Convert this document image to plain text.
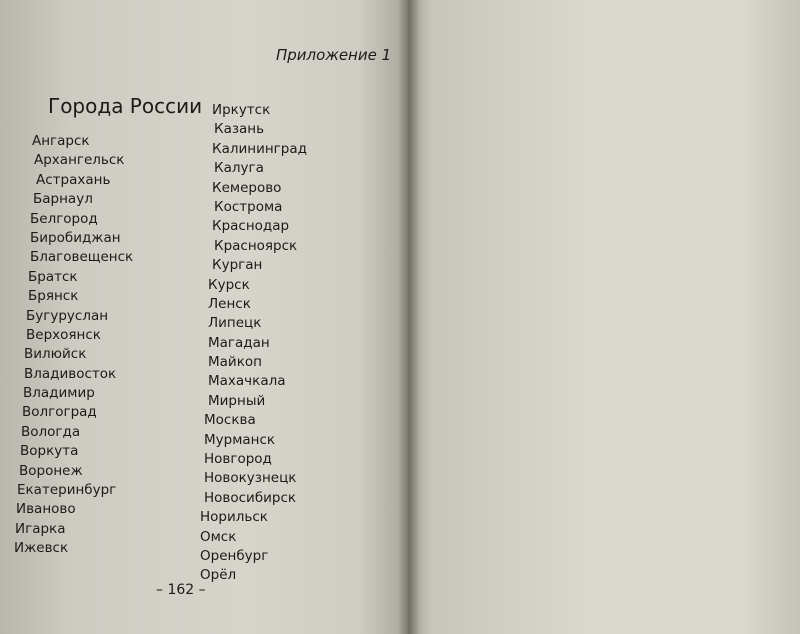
Приложение 1
Города России
Ангарск
Архангельск
Астрахань
Барнаул
Белгород
Биробиджан
Благовещенск
Братск
Брянск
Бугуруслан
Верхоянск
Вилюйск
Владивосток
Владимир
Волгоград
Вологда
Воркута
Воронеж
Екатеринбург
Иваново
Игарка
Ижевск
Иркутск
Казань
Калининград
Калуга
Кемерово
Кострома
Краснодар
Красноярск
Курган
Курск
Ленск
Липецк
Магадан
Майкоп
Махачкала
Мирный
Москва
Мурманск
Новгород
Новокузнецк
Новосибирск
Норильск
Омск
Оренбург
Орёл
– 162 –
